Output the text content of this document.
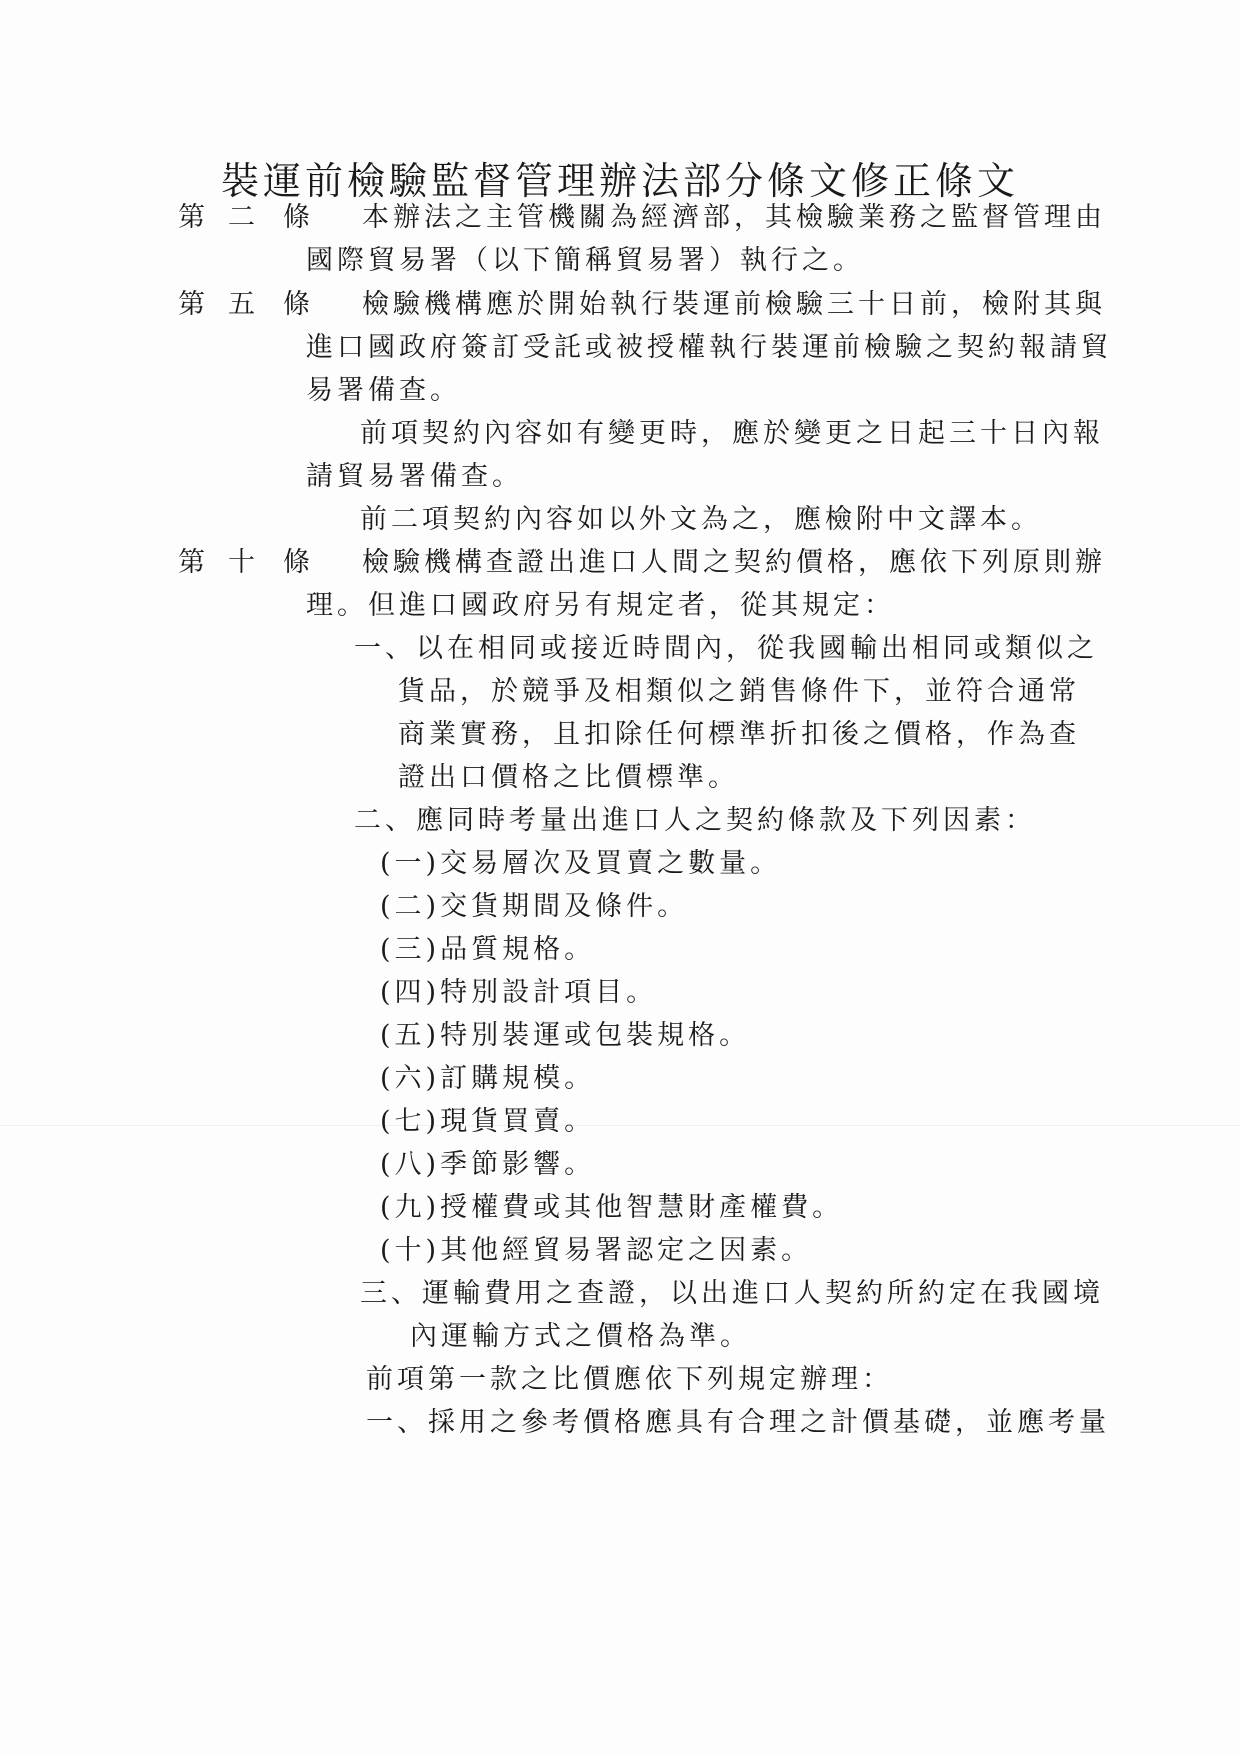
裝運前檢驗監督管理辦法部分條文修正條文
第 二 條 本辦法之主管機關為經濟部，其檢驗業務之監督管理由
國際貿易署（以下簡稱貿易署）執行之。
第 五 條 檢驗機構應於開始執行裝運前檢驗三十日前，檢附其與
進口國政府簽訂受託或被授權執行裝運前檢驗之契約報請貿
易署備查。
前項契約內容如有變更時，應於變更之日起三十日內報
請貿易署備查。
前二項契約內容如以外文為之，應檢附中文譯本。
第 十 條 檢驗機構查證出進口人間之契約價格，應依下列原則辦
理。但進口國政府另有規定者，從其規定：
一、以在相同或接近時間內，從我國輸出相同或類似之
貨品，於競爭及相類似之銷售條件下，並符合通常
商業實務，且扣除任何標準折扣後之價格，作為查
證出口價格之比價標準。
二、應同時考量出進口人之契約條款及下列因素：
(一)交易層次及買賣之數量。
(二)交貨期間及條件。
(三)品質規格。
(四)特別設計項目。
(五)特別裝運或包裝規格。
(六)訂購規模。
(七)現貨買賣。
(八)季節影響。
(九)授權費或其他智慧財產權費。
(十)其他經貿易署認定之因素。
三、運輸費用之查證，以出進口人契約所約定在我國境
內運輸方式之價格為準。
前項第一款之比價應依下列規定辦理：
一、採用之參考價格應具有合理之計價基礎，並應考量
